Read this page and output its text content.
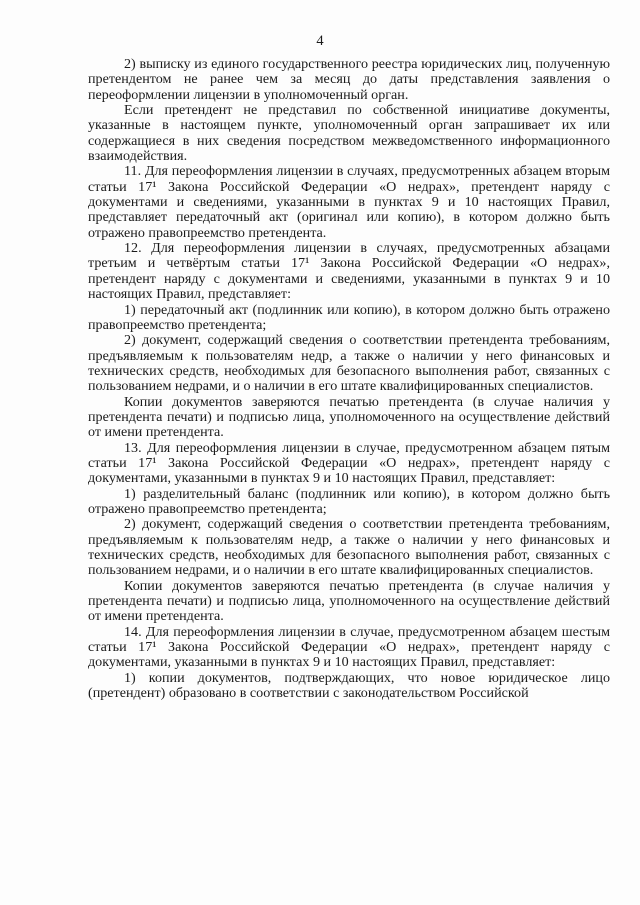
4

2) выписку из единого государственного реестра юридических лиц, полученную претендентом не ранее чем за месяц до даты представления заявления о переоформлении лицензии в уполномоченный орган.

Если претендент не представил по собственной инициативе документы, указанные в настоящем пункте, уполномоченный орган запрашивает их или содержащиеся в них сведения посредством межведомственного информационного взаимодействия.

11. Для переоформления лицензии в случаях, предусмотренных абзацем вторым статьи 17¹ Закона Российской Федерации «О недрах», претендент наряду с документами и сведениями, указанными в пунктах 9 и 10 настоящих Правил, представляет передаточный акт (оригинал или копию), в котором должно быть отражено правопреемство претендента.

12. Для переоформления лицензии в случаях, предусмотренных абзацами третьим и четвёртым статьи 17¹ Закона Российской Федерации «О недрах», претендент наряду с документами и сведениями, указанными в пунктах 9 и 10 настоящих Правил, представляет:

1) передаточный акт (подлинник или копию), в котором должно быть отражено правопреемство претендента;

2) документ, содержащий сведения о соответствии претендента требованиям, предъявляемым к пользователям недр, а также о наличии у него финансовых и технических средств, необходимых для безопасного выполнения работ, связанных с пользованием недрами, и о наличии в его штате квалифицированных специалистов.

Копии документов заверяются печатью претендента (в случае наличия у претендента печати) и подписью лица, уполномоченного на осуществление действий от имени претендента.

13. Для переоформления лицензии в случае, предусмотренном абзацем пятым статьи 17¹ Закона Российской Федерации «О недрах», претендент наряду с документами, указанными в пунктах 9 и 10 настоящих Правил, представляет:

1) разделительный баланс (подлинник или копию), в котором должно быть отражено правопреемство претендента;

2) документ, содержащий сведения о соответствии претендента требованиям, предъявляемым к пользователям недр, а также о наличии у него финансовых и технических средств, необходимых для безопасного выполнения работ, связанных с пользованием недрами, и о наличии в его штате квалифицированных специалистов.

Копии документов заверяются печатью претендента (в случае наличия у претендента печати) и подписью лица, уполномоченного на осуществление действий от имени претендента.

14. Для переоформления лицензии в случае, предусмотренном абзацем шестым статьи 17¹ Закона Российской Федерации «О недрах», претендент наряду с документами, указанными в пунктах 9 и 10 настоящих Правил, представляет:

1) копии документов, подтверждающих, что новое юридическое лицо (претендент) образовано в соответствии с законодательством Российской
